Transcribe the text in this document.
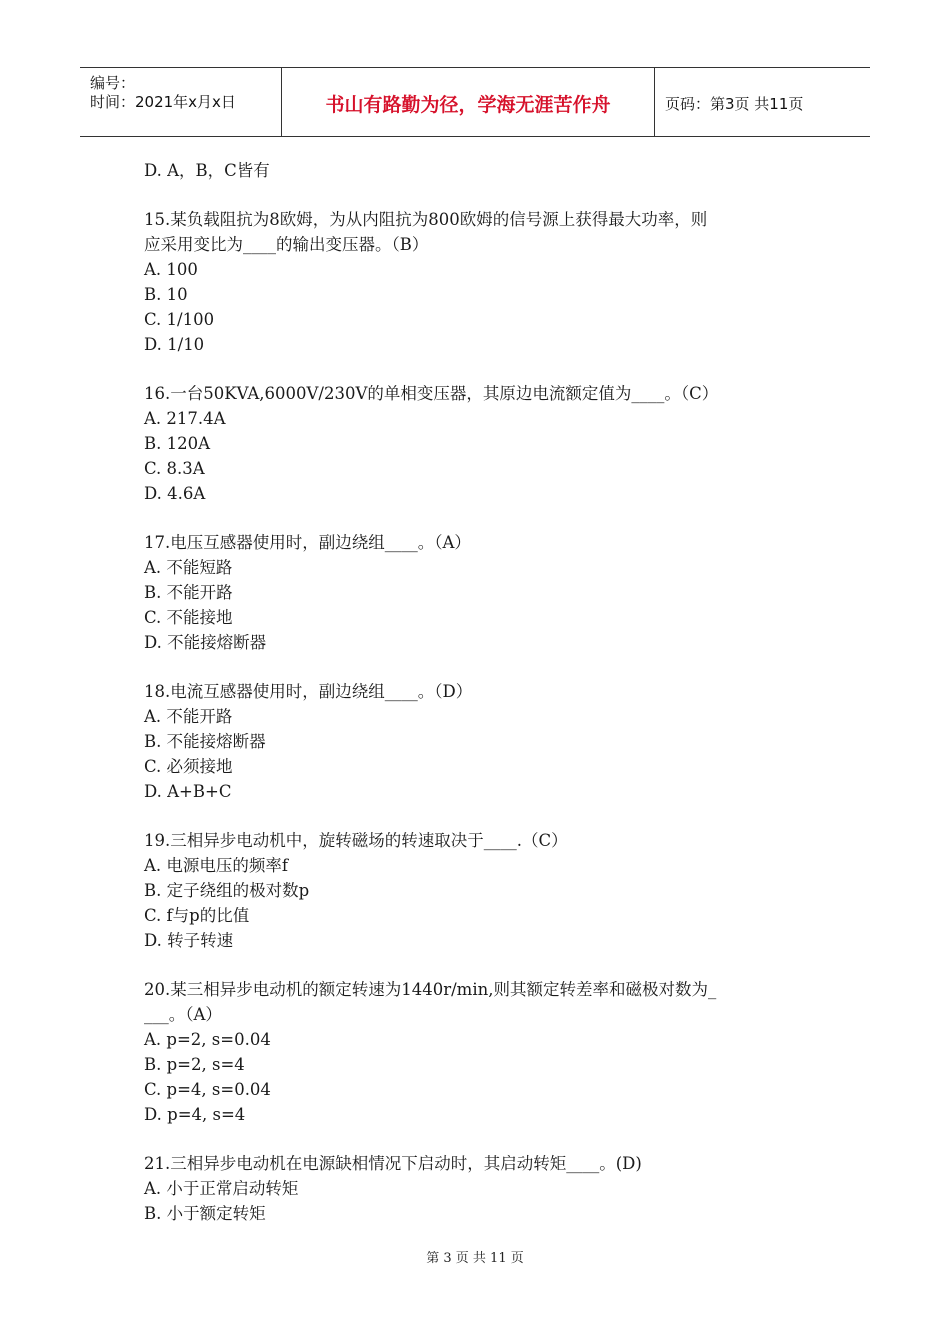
编号：
时间：2021年x月x日	书山有路勤为径，学海无涯苦作舟	页码：第3页 共11页
D. A，B，C皆有
15.某负载阻抗为8欧姆，为从内阻抗为800欧姆的信号源上获得最大功率，则
应采用变比为____的输出变压器。（B）
A. 100
B. 10
C. 1/100
D. 1/10
16.一台50KVA,6000V/230V的单相变压器，其原边电流额定值为____。（C）
A. 217.4A
B. 120A
C. 8.3A
D. 4.6A
17.电压互感器使用时，副边绕组____。（A）
A. 不能短路
B. 不能开路
C. 不能接地
D. 不能接熔断器
18.电流互感器使用时，副边绕组____。（D）
A. 不能开路
B. 不能接熔断器
C. 必须接地
D. A+B+C
19.三相异步电动机中，旋转磁场的转速取决于____.（C）
A. 电源电压的频率f
B. 定子绕组的极对数p
C. f与p的比值
D. 转子转速
20.某三相异步电动机的额定转速为1440r/min,则其额定转差率和磁极对数为_
___。（A）
A. p=2, s=0.04
B. p=2, s=4
C. p=4, s=0.04
D. p=4, s=4
21.三相异步电动机在电源缺相情况下启动时，其启动转矩____。(D)
A. 小于正常启动转矩
B. 小于额定转矩
第 3 页 共 11 页
